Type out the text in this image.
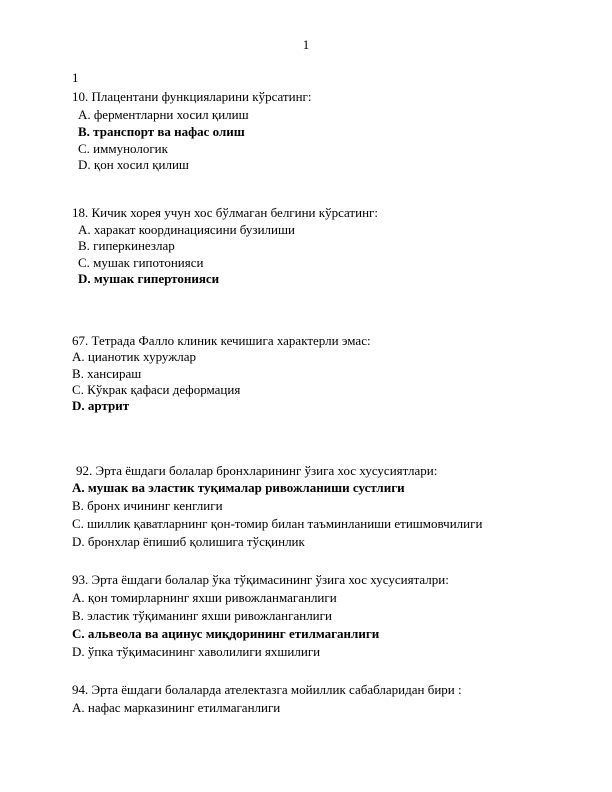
1
1
10. Плацентани функцияларини кўрсатинг:
А. ферментларни хосил қилиш
В. транспорт ва нафас олиш
С. иммунологик
D. қон хосил қилиш
18. Кичик хорея учун хос бўлмаган белгини кўрсатинг:
А. харакат координациясини бузилиши
В. гиперкинезлар
С. мушак гипотонияси
D. мушак гипертонияси
67. Тетрада Фалло клиник кечишига характерли эмас:
А. цианотик хуружлар
В. хансираш
С. Кўкрак қафаси деформация
D. артрит
92. Эрта ёшдаги болалар бронхларининг ўзига хос хусусиятлари:
А. мушак ва эластик туқималар ривожланиши сустлиги
В. бронх ичининг кенглиги
С. шиллик қаватларнинг қон-томир билан таъминланиши етишмовчилиги
D. бронхлар ёпишиб қолишига тўсқинлик
93. Эрта ёшдаги болалар ўка тўқимасининг ўзига хос хусусияталри:
А. қон томирларнинг яхши ривожланмаганлиги
В. эластик тўқиманинг яхши ривожланганлиги
С. альвеола ва ацинус миқдорининг етилмаганлиги
D. ўпка тўқимасининг хаволилиги яхшилиги
94. Эрта ёшдаги болаларда ателектазга мойиллик сабабларидан бири :
А. нафас марказининг етилмаганлиги
